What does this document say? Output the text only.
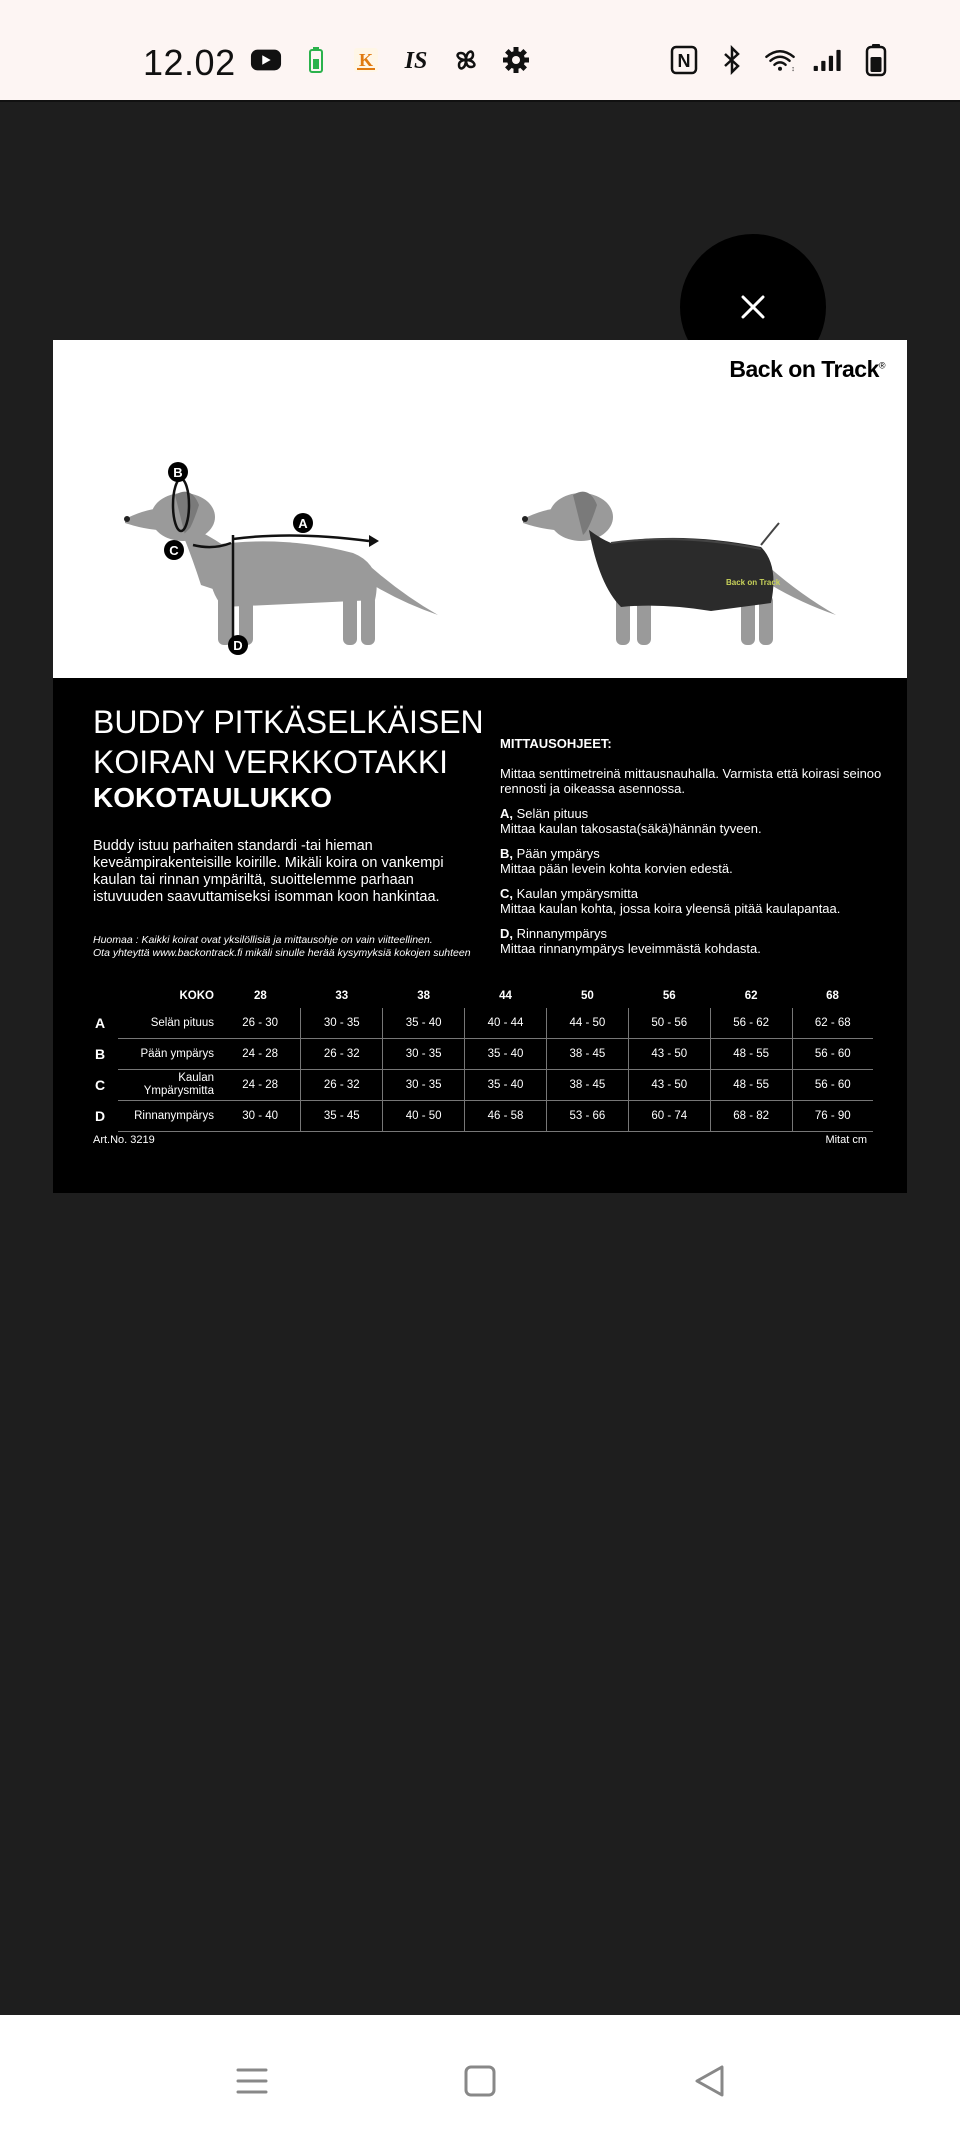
12.02	K IS	N	↕
Back on Track®
B
A
C
D
Back on Track
BUDDY PITKÄSELKÄISEN
KOIRAN VERKKOTAKKI
KOKOTAULUKKO
Buddy istuu parhaiten standardi -tai hieman keveämpirakenteisille koirille. Mikäli koira on vankempi kaulan tai rinnan ympäriltä, suoittelemme parhaan istuvuuden saavuttamiseksi isomman koon hankintaa.
Huomaa : Kaikki koirat ovat yksilöllisiä ja mittausohje on vain viitteellinen.
Ota yhteyttä www.backontrack.fi mikäli sinulle herää kysymyksiä kokojen suhteen
MITTAUSOHJEET:
Mittaa senttimetreinä mittausnauhalla. Varmista että koirasi seinoo rennosti ja oikeassa asennossa.
A, Selän pituus
Mittaa kaulan takosasta(säkä)hännän tyveen.
B, Pään ympärys
Mittaa pään levein kohta korvien edestä.
C, Kaulan ympärysmitta
Mittaa kaulan kohta, jossa koira yleensä pitää kaulapantaa.
D, Rinnanympärys
Mittaa rinnanympärys leveimmästä kohdasta.
	KOKO	28	33	38	44	50	56	62	68
A	Selän pituus	26 - 30	30 - 35	35 - 40	40 - 44	44 - 50	50 - 56	56 - 62	62 - 68
B	Pään ympärys	24 - 28	26 - 32	30 - 35	35 - 40	38 - 45	43 - 50	48 - 55	56 - 60
C	Kaulan
Ympärysmitta	24 - 28	26 - 32	30 - 35	35 - 40	38 - 45	43 - 50	48 - 55	56 - 60
D	Rinnanympärys	30 - 40	35 - 45	40 - 50	46 - 58	53 - 66	60 - 74	68 - 82	76 - 90
Art.No. 3219	Mitat cm
